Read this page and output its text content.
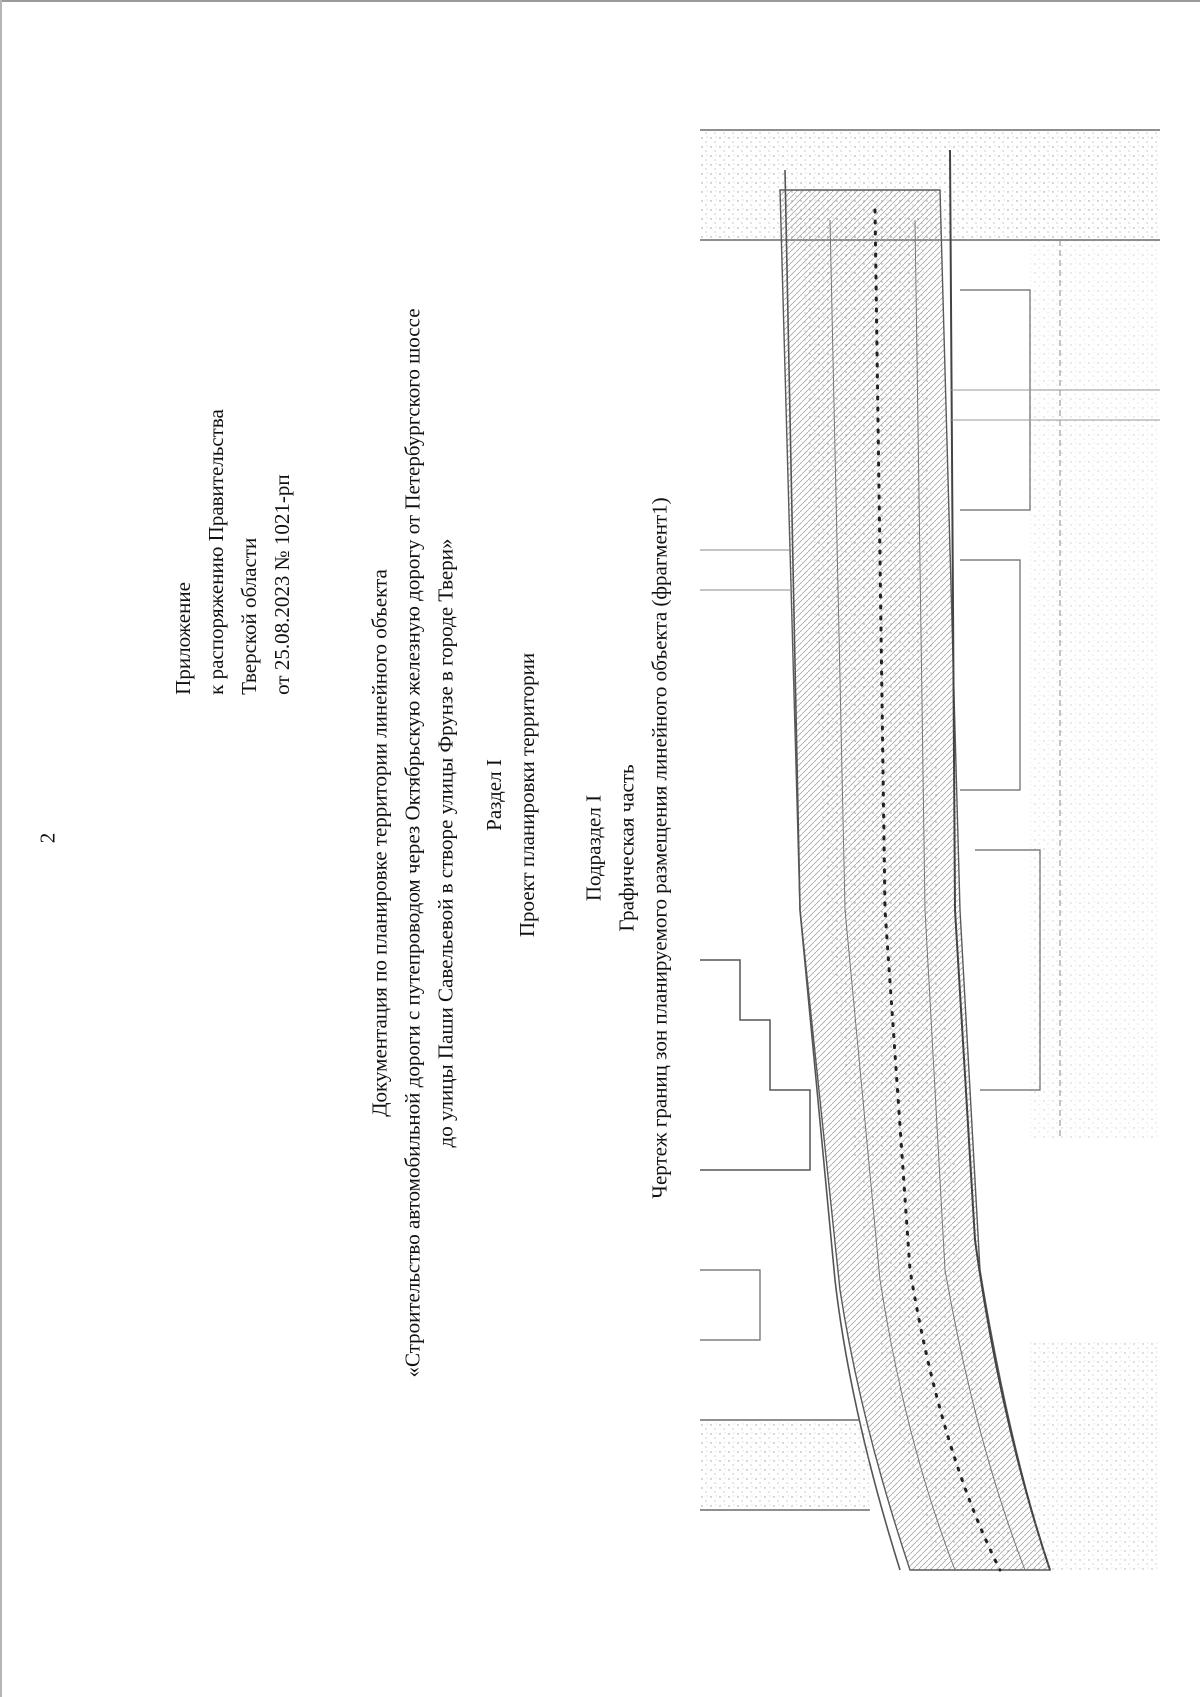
2
Приложение к распоряжению Правительства Тверской области от 25.08.2023 № 1021-рп	Документация по планировке территории линейного объекта «Строительство автомобильной дороги с путепроводом через Октябрьскую железную дорогу от Петербургского шоссе до улицы Паши Савельевой в створе улицы Фрунзе в городе Твери» Раздел I Проект планировки территории Подраздел I Графическая часть Чертеж границ зон планируемого размещения линейного объекта (фрагмент1)
